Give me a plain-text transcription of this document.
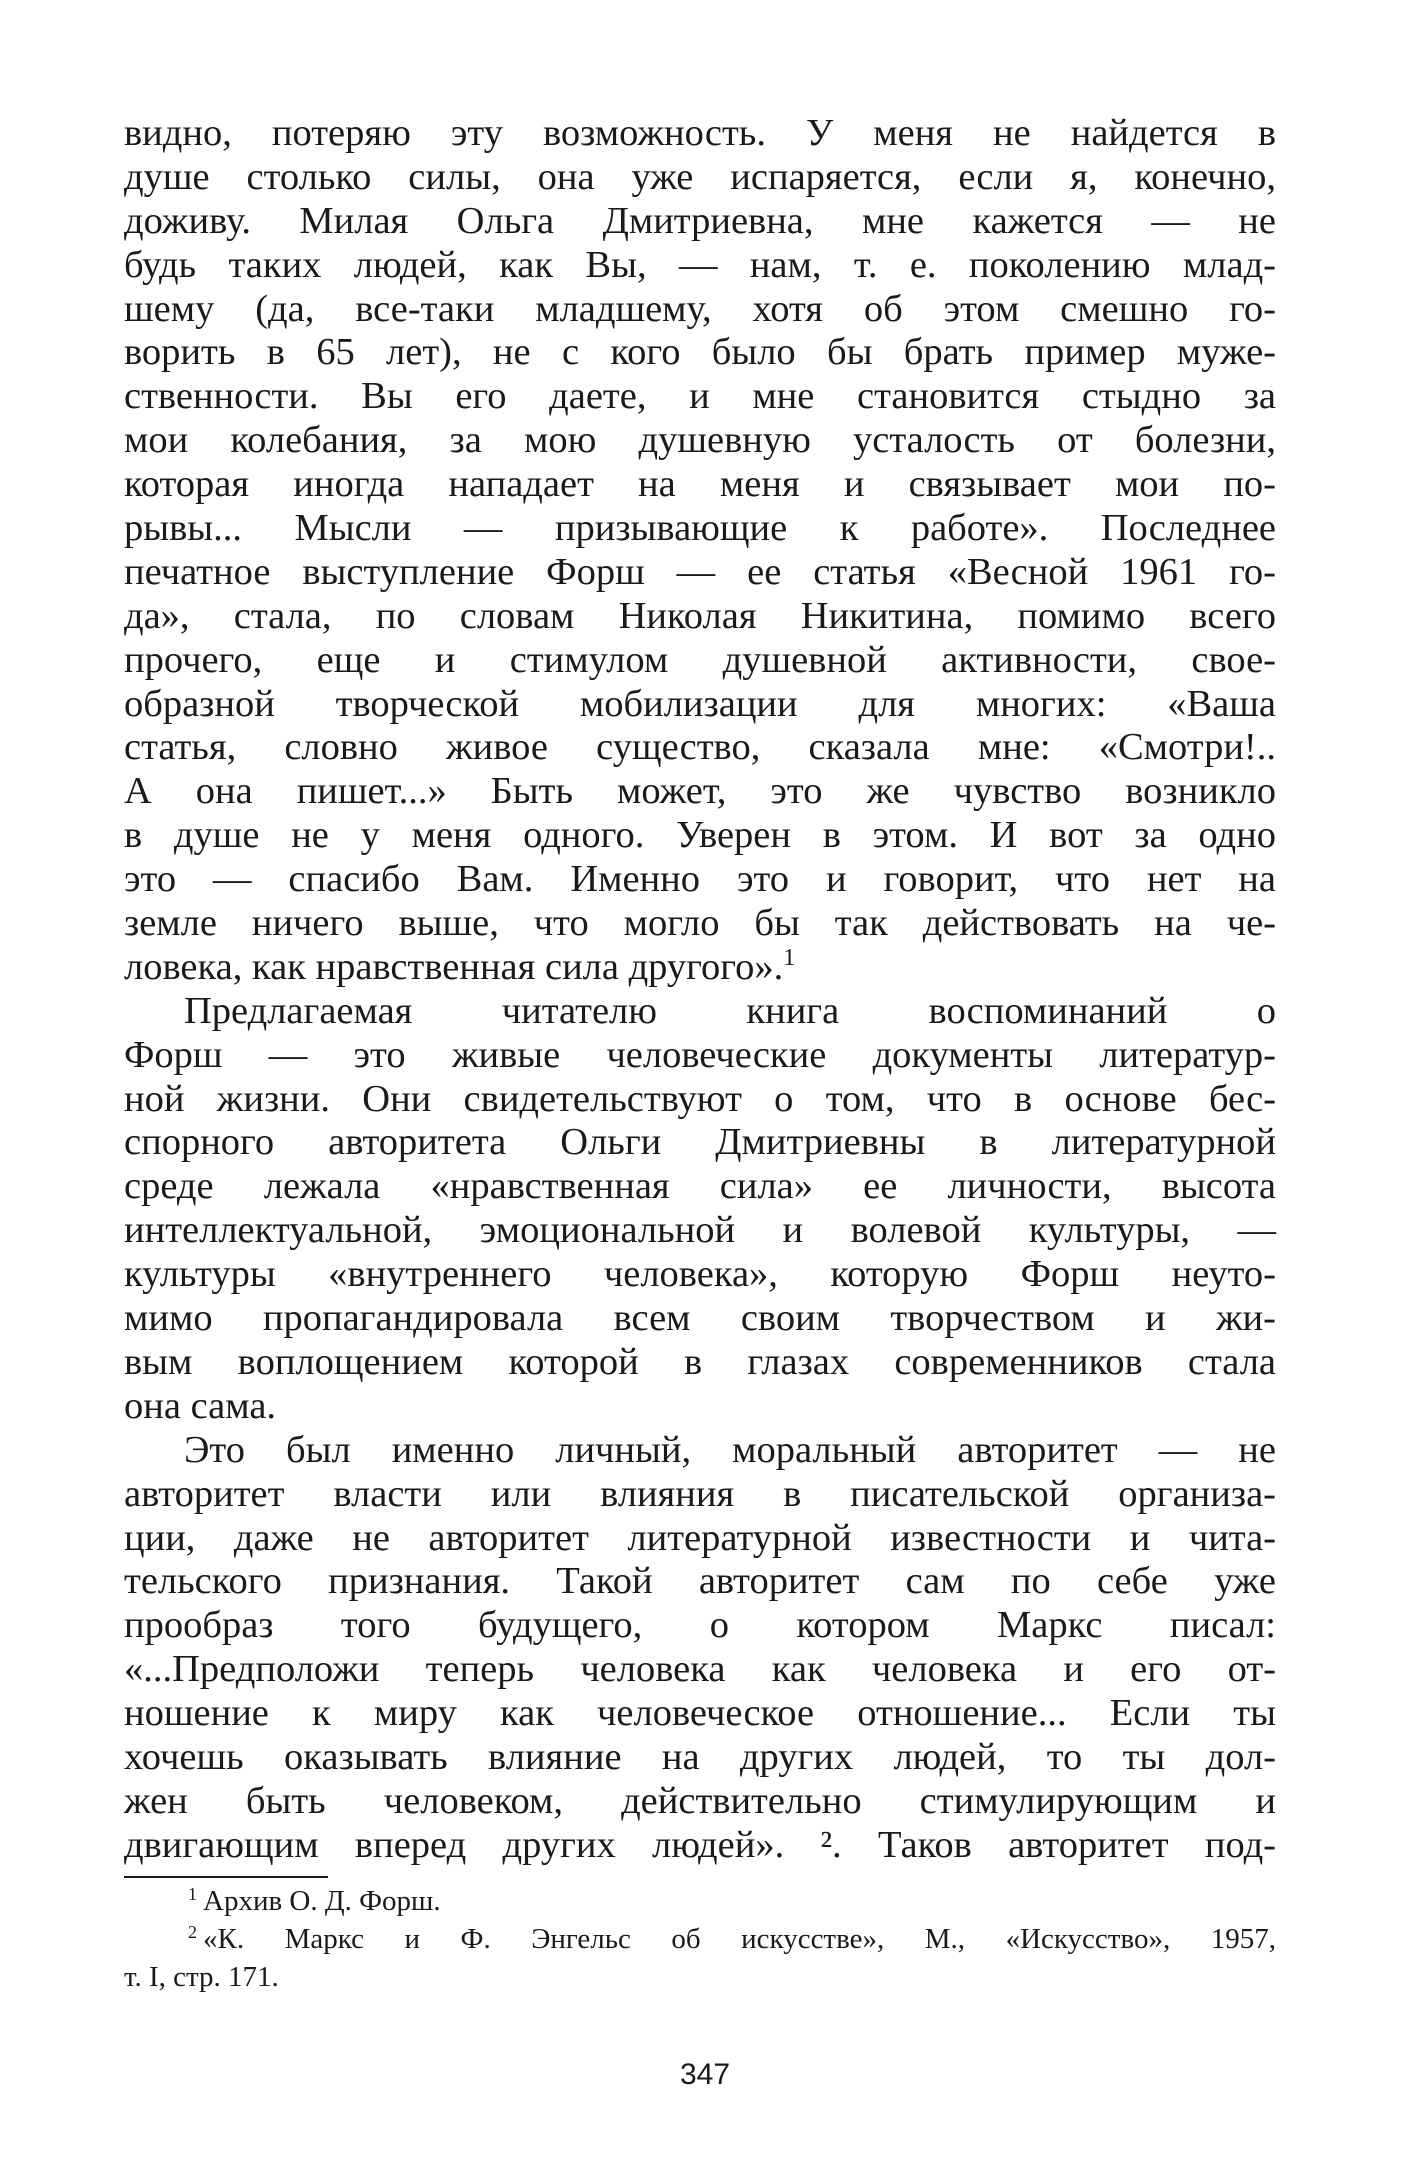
видно, потеряю эту возможность. У меня не найдется в
душе столько силы, она уже испаряется, если я, конечно,
доживу. Милая Ольга Дмитриевна, мне кажется — не
будь таких людей, как Вы, — нам, т. е. поколению млад-
шему (да, все-таки младшему, хотя об этом смешно го-
ворить в 65 лет), не с кого было бы брать пример муже-
ственности. Вы его даете, и мне становится стыдно за
мои колебания, за мою душевную усталость от болезни,
которая иногда нападает на меня и связывает мои по-
рывы... Мысли — призывающие к работе». Последнее
печатное выступление Форш — ее статья «Весной 1961 го-
да», стала, по словам Николая Никитина, помимо всего
прочего, еще и стимулом душевной активности, свое-
образной творческой мобилизации для многих: «Ваша
статья, словно живое существо, сказала мне: «Смотри!..
А она пишет...» Быть может, это же чувство возникло
в душе не у меня одного. Уверен в этом. И вот за одно
это — спасибо Вам. Именно это и говорит, что нет на
земле ничего выше, что могло бы так действовать на че-
ловека, как нравственная сила другого».$^1$
Предлагаемая читателю книга воспоминаний о
Форш — это живые человеческие документы литератур-
ной жизни. Они свидетельствуют о том, что в основе бес-
спорного авторитета Ольги Дмитриевны в литературной
среде лежала «нравственная сила» ее личности, высота
интеллектуальной, эмоциональной и волевой культуры, —
культуры «внутреннего человека», которую Форш неуто-
мимо пропагандировала всем своим творчеством и жи-
вым воплощением которой в глазах современников стала
она сама.
Это был именно личный, моральный авторитет — не
авторитет власти или влияния в писательской организа-
ции, даже не авторитет литературной известности и чита-
тельского признания. Такой авторитет сам по себе уже
прообраз того будущего, о котором Маркс писал:
«...Предположи теперь человека как человека и его от-
ношение к миру как человеческое отношение... Если ты
хочешь оказывать влияние на других людей, то ты дол-
жен быть человеком, действительно стимулирующим и
двигающим вперед других людей». ². Таков авторитет под-
$^1$ Архив О. Д. Форш.
$^2$ «К. Маркс и Ф. Энгельс об искусстве», М., «Искусство», 1957,
т. I, стр. 171.
347
